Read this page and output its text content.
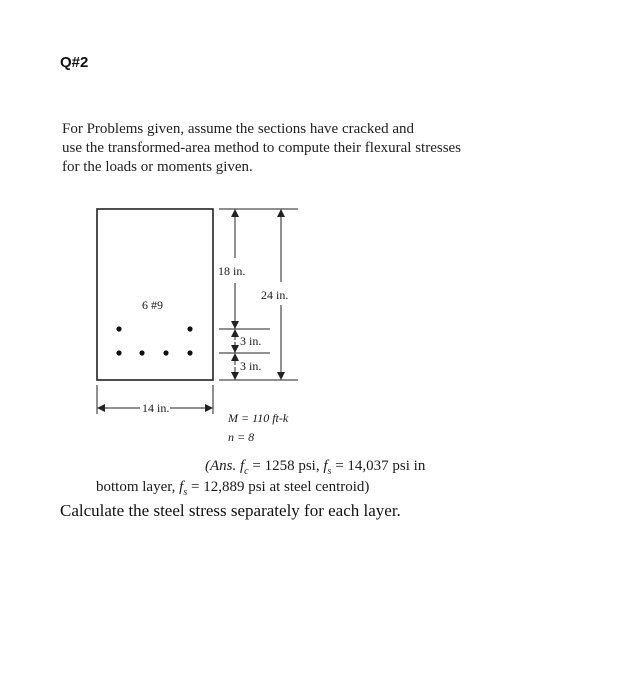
Q#2
For Problems given, assume the sections have cracked and
use the transformed-area method to compute their flexural stresses
for the loads or moments given.
6 #9
14 in.
18 in.
24 in.
3 in.
3 in.
M = 110 ft-k
n = 8
(Ans. $f_c = 1258$ psi, $f_s = 14,037$ psi in
bottom layer, $f_s = 12,889$ psi at steel centroid)
Calculate the steel stress separately for each layer.
